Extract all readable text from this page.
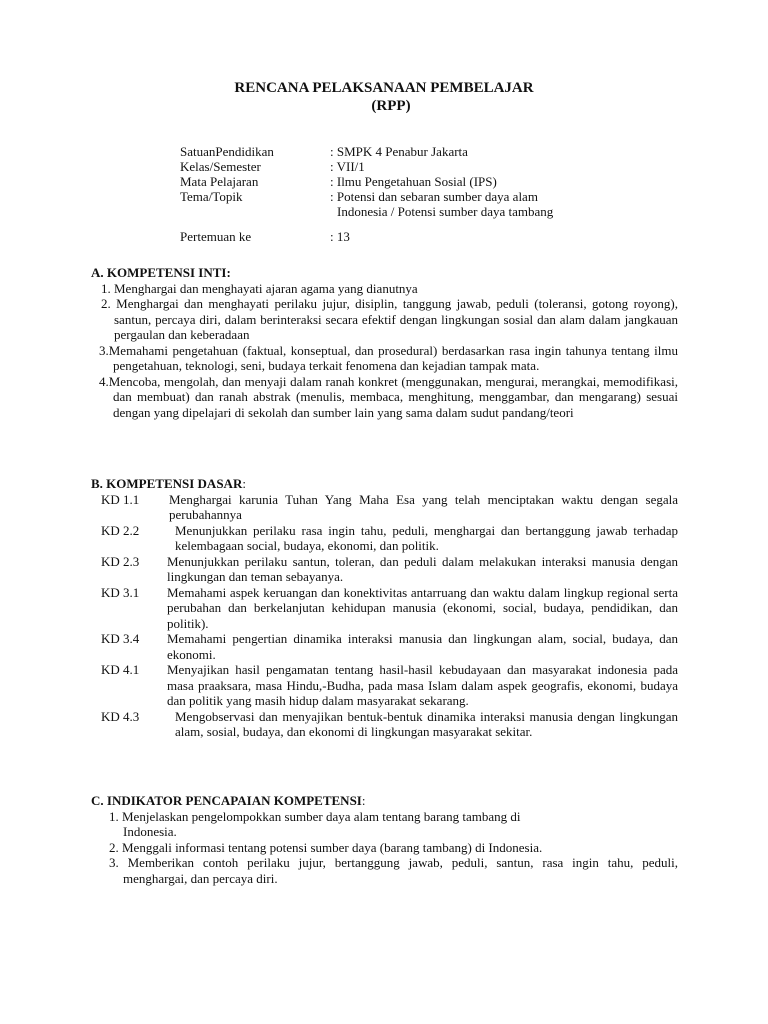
RENCANA PELAKSANAAN PEMBELAJAR
(RPP)
SatuanPendidikan	: SMPK 4 Penabur Jakarta
Kelas/Semester	: VII/1
Mata Pelajaran	: Ilmu Pengetahuan Sosial (IPS)
Tema/Topik	: Potensi dan sebaran sumber daya alam
Indonesia / Potensi sumber daya tambang
Pertemuan ke	: 13
A. KOMPETENSI INTI:
1. Menghargai dan menghayati ajaran agama yang dianutnya
2. Menghargai dan menghayati perilaku jujur, disiplin, tanggung jawab, peduli (toleransi, gotong royong), santun, percaya diri, dalam berinteraksi secara efektif dengan lingkungan sosial dan alam dalam jangkauan pergaulan dan keberadaan
3.Memahami pengetahuan (faktual, konseptual, dan prosedural) berdasarkan rasa ingin tahunya tentang ilmu pengetahuan, teknologi, seni, budaya terkait fenomena dan kejadian tampak mata.
4.Mencoba, mengolah, dan menyaji dalam ranah konkret (menggunakan, mengurai, merangkai, memodifikasi, dan membuat) dan ranah abstrak (menulis, membaca, menghitung, menggambar, dan mengarang) sesuai dengan yang dipelajari di sekolah dan sumber lain yang sama dalam sudut pandang/teori
B. KOMPETENSI DASAR:
KD 1.1	Menghargai karunia Tuhan Yang Maha Esa yang telah menciptakan waktu dengan segala perubahannya
KD 2.2	Menunjukkan perilaku rasa ingin tahu, peduli, menghargai dan bertanggung jawab terhadap kelembagaan social, budaya, ekonomi, dan politik.
KD 2.3	Menunjukkan perilaku santun, toleran, dan peduli dalam melakukan interaksi manusia dengan lingkungan dan teman sebayanya.
KD 3.1	Memahami aspek keruangan dan konektivitas antarruang dan waktu dalam lingkup regional serta perubahan dan berkelanjutan kehidupan manusia (ekonomi, social, budaya, pendidikan, dan politik).
KD 3.4	Memahami pengertian dinamika interaksi manusia dan lingkungan alam, social, budaya, dan ekonomi.
KD 4.1	Menyajikan hasil pengamatan tentang hasil-hasil kebudayaan dan masyarakat indonesia pada masa praaksara, masa Hindu,-Budha, pada masa Islam dalam aspek geografis, ekonomi, budaya dan politik yang masih hidup dalam masyarakat sekarang.
KD 4.3	Mengobservasi dan menyajikan bentuk-bentuk dinamika interaksi manusia dengan lingkungan alam, sosial, budaya, dan ekonomi di lingkungan masyarakat sekitar.
C. INDIKATOR PENCAPAIAN KOMPETENSI:
1. Menjelaskan pengelompokkan sumber daya alam tentang barang tambang di Indonesia.
2. Menggali informasi tentang potensi sumber daya (barang tambang) di Indonesia.
3. Memberikan contoh perilaku jujur, bertanggung jawab, peduli, santun, rasa ingin tahu, peduli, menghargai, dan percaya diri.
